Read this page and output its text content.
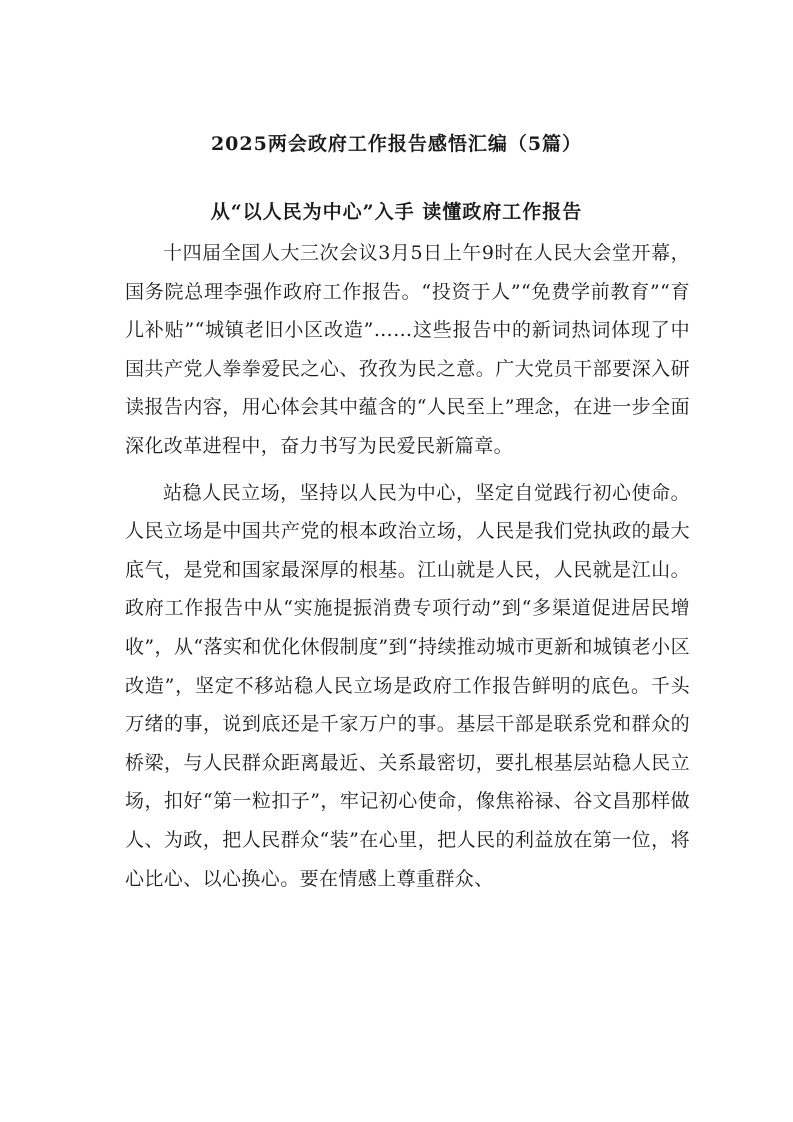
2025两会政府工作报告感悟汇编（5篇）
从“以人民为中心”入手 读懂政府工作报告

十四届全国人大三次会议3月5日上午9时在人民大会堂开幕，国务院总理李强作政府工作报告。“投资于人”“免费学前教育”“育儿补贴”“城镇老旧小区改造”……这些报告中的新词热词体现了中国共产党人拳拳爱民之心、孜孜为民之意。广大党员干部要深入研读报告内容，用心体会其中蕴含的“人民至上”理念，在进一步全面深化改革进程中，奋力书写为民爱民新篇章。

站稳人民立场，坚持以人民为中心，坚定自觉践行初心使命。人民立场是中国共产党的根本政治立场，人民是我们党执政的最大底气，是党和国家最深厚的根基。江山就是人民，人民就是江山。政府工作报告中从“实施提振消费专项行动”到“多渠道促进居民增收”，从“落实和优化休假制度”到“持续推动城市更新和城镇老小区改造”，坚定不移站稳人民立场是政府工作报告鲜明的底色。千头万绪的事，说到底还是千家万户的事。基层干部是联系党和群众的桥梁，与人民群众距离最近、关系最密切，要扎根基层站稳人民立场，扣好“第一粒扣子”，牢记初心使命，像焦裕禄、谷文昌那样做人、为政，把人民群众“装”在心里，把人民的利益放在第一位，将心比心、以心换心。要在情感上尊重群众、
